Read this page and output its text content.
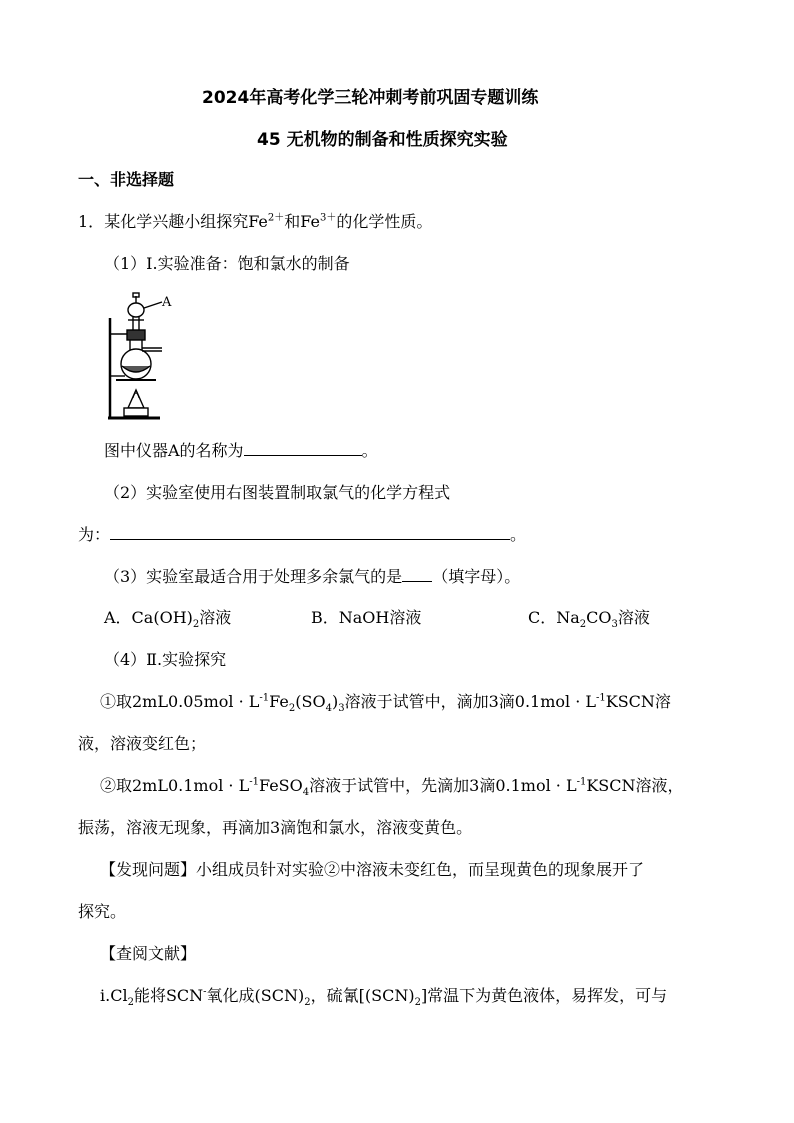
2024年高考化学三轮冲刺考前巩固专题训练
45 无机物的制备和性质探究实验
一、非选择题
1．某化学兴趣小组探究$Fe^{2+}$和$Fe^{3+}$的化学性质。
（1）Ⅰ.实验准备：饱和氯水的制备
A
图中仪器A的名称为	。
（2）实验室使用右图装置制取氯气的化学方程式
为：	。
（3）实验室最适合用于处理多余氯气的是 （填字母）。
A．$Ca(OH)_2$溶液	B．NaOH溶液	C．$Na_2CO_3$溶液
（4）Ⅱ.实验探究
①取$2mL0.05mol \cdot L^{-1}Fe_2(SO_4)_3$溶液于试管中，滴加3滴$0.1mol \cdot L^{-1}KSCN$溶
液，溶液变红色；
②取$2mL0.1mol \cdot L^{-1}FeSO_4$溶液于试管中，先滴加3滴$0.1mol \cdot L^{-1}KSCN$溶液，
振荡，溶液无现象，再滴加3滴饱和氯水，溶液变黄色。
【发现问题】小组成员针对实验②中溶液未变红色，而呈现黄色的现象展开了
探究。
【查阅文献】
$i.Cl_2$能将SCN-氧化成$(SCN)_2$，硫氰$[(SCN)_2]$常温下为黄色液体，易挥发，可与
